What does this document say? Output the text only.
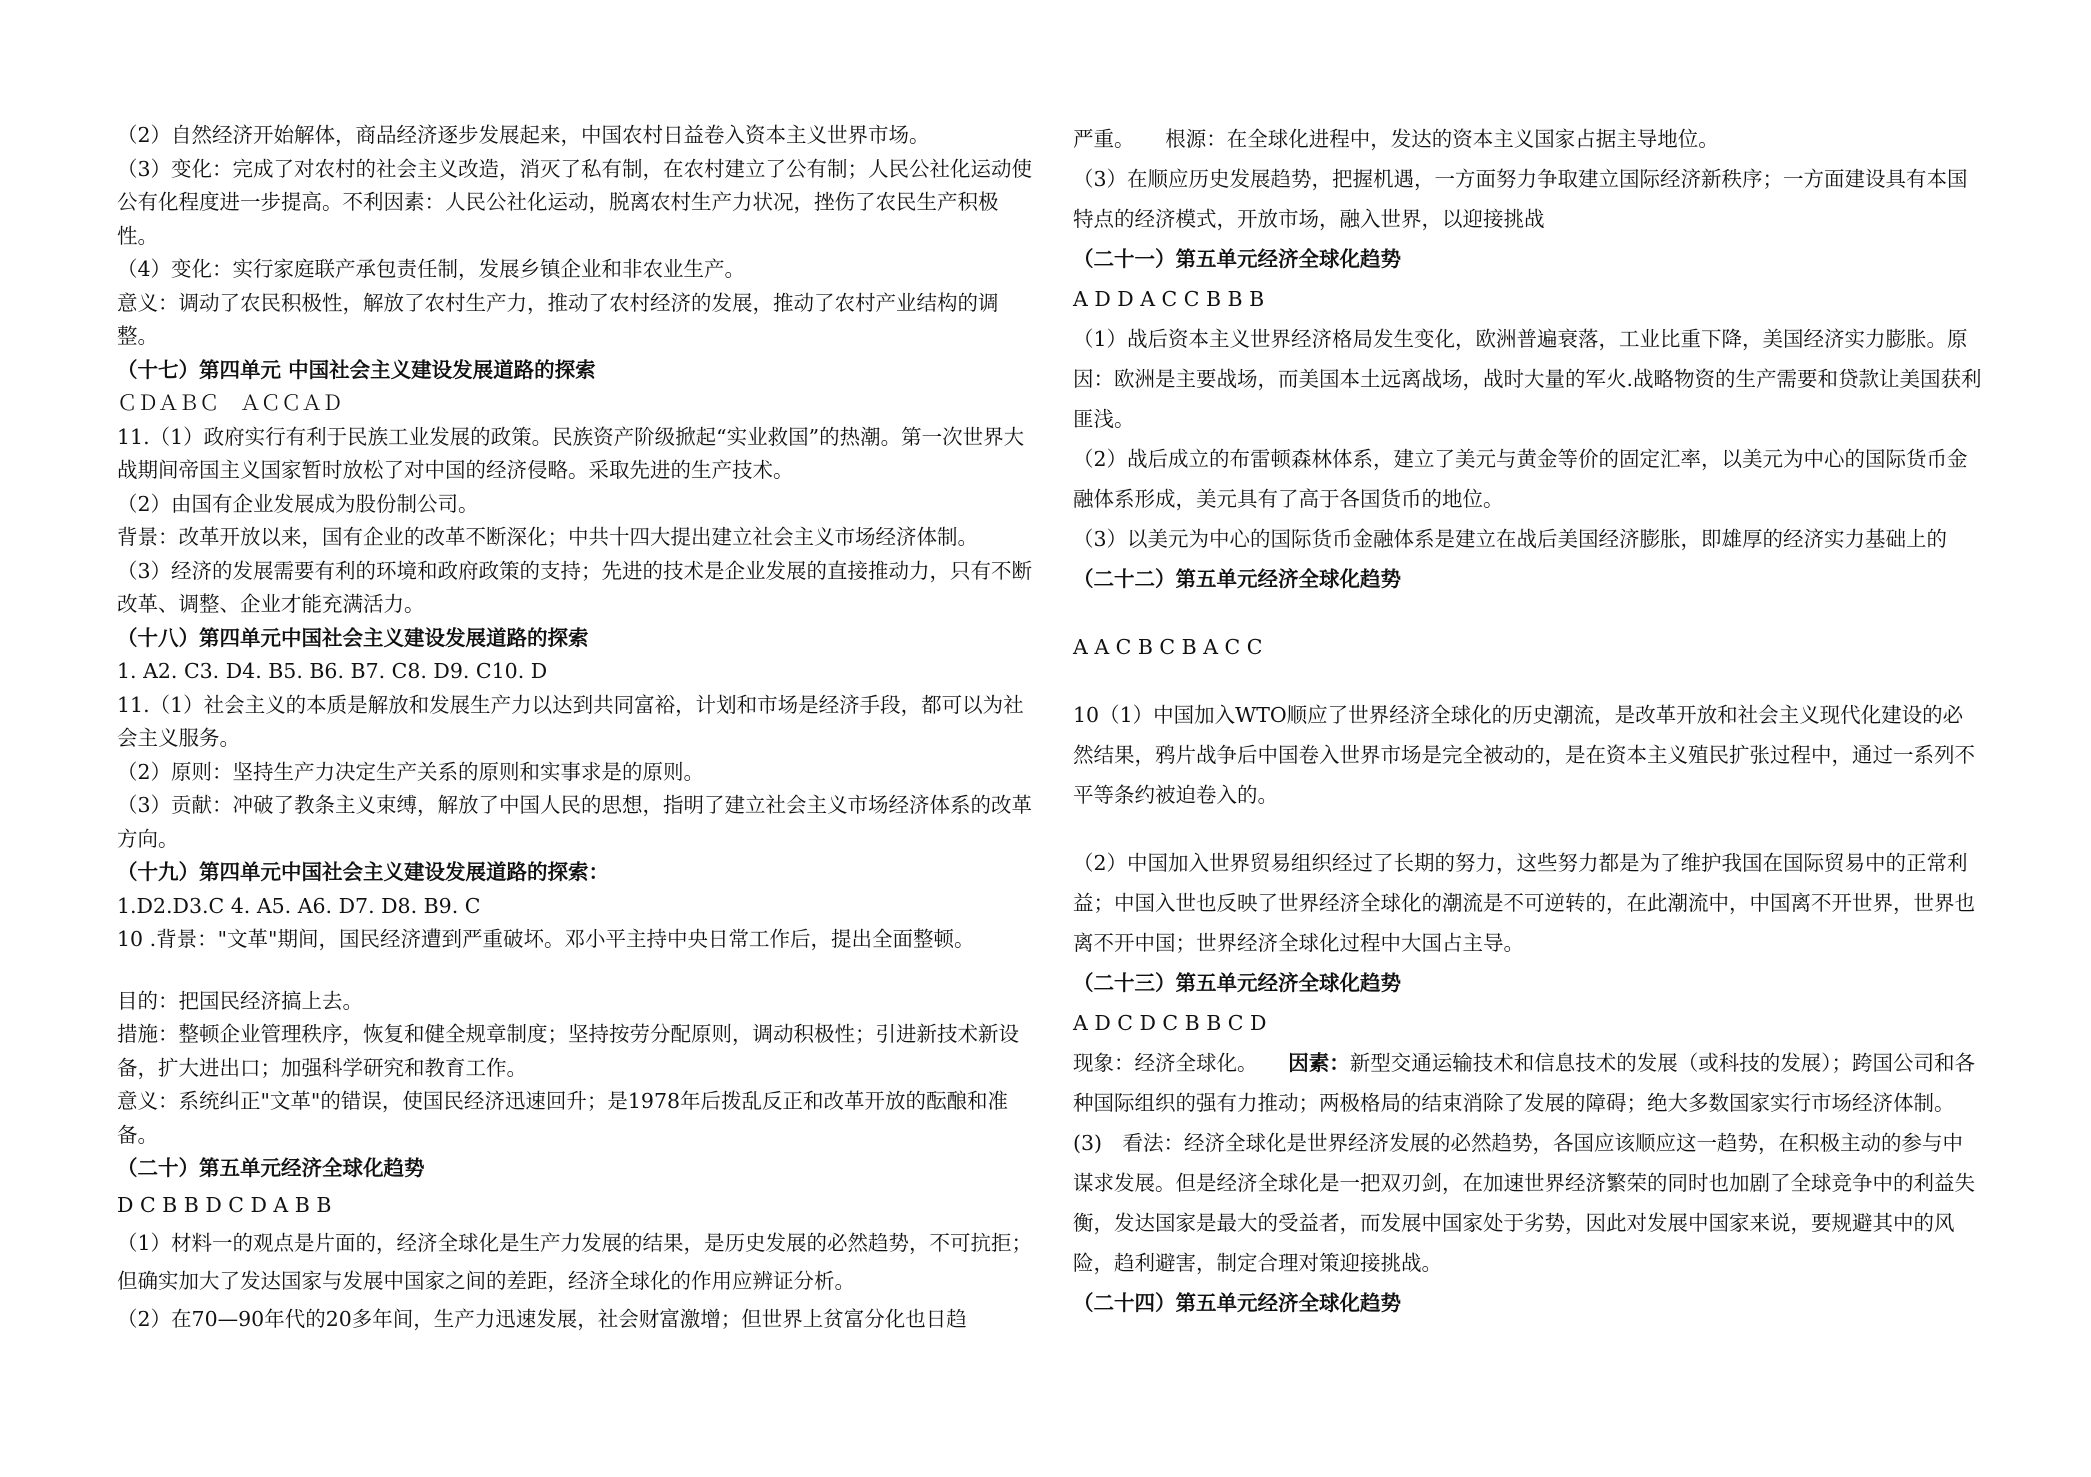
（2）自然经济开始解体，商品经济逐步发展起来，中国农村日益卷入资本主义世界市场。
（3）变化：完成了对农村的社会主义改造，消灭了私有制，在农村建立了公有制；人民公社化运动使公有化程度进一步提高。不利因素：人民公社化运动，脱离农村生产力状况，挫伤了农民生产积极性。
（4）变化：实行家庭联产承包责任制，发展乡镇企业和非农业生产。
意义：调动了农民积极性，解放了农村生产力，推动了农村经济的发展，推动了农村产业结构的调整。
（十七）第四单元 中国社会主义建设发展道路的探索
ＣＤＡＢＣ　ＡＣＣＡＤ
11.（1）政府实行有利于民族工业发展的政策。民族资产阶级掀起“实业救国”的热潮。第一次世界大战期间帝国主义国家暂时放松了对中国的经济侵略。采取先进的生产技术。
（2）由国有企业发展成为股份制公司。
背景：改革开放以来，国有企业的改革不断深化；中共十四大提出建立社会主义市场经济体制。
（3）经济的发展需要有利的环境和政府政策的支持；先进的技术是企业发展的直接推动力，只有不断改革、调整、企业才能充满活力。
（十八）第四单元中国社会主义建设发展道路的探索
1. A2. C3. D4. B5. B6. B7. C8. D9. C10. D
11.（1）社会主义的本质是解放和发展生产力以达到共同富裕，计划和市场是经济手段，都可以为社会主义服务。
（2）原则：坚持生产力决定生产关系的原则和实事求是的原则。
（3）贡献：冲破了教条主义束缚，解放了中国人民的思想，指明了建立社会主义市场经济体系的改革方向。
（十九）第四单元中国社会主义建设发展道路的探索：
1.D2.D3.C 4. A5. A6. D7. D8. B9. C
10 .背景："文革"期间，国民经济遭到严重破坏。邓小平主持中央日常工作后，提出全面整顿。
目的：把国民经济搞上去。
措施：整顿企业管理秩序，恢复和健全规章制度；坚持按劳分配原则，调动积极性；引进新技术新设备，扩大进出口；加强科学研究和教育工作。
意义：系统纠正"文革"的错误，使国民经济迅速回升；是1978年后拨乱反正和改革开放的酝酿和准备。
（二十）第五单元经济全球化趋势
D C B B D C D A B B
（1）材料一的观点是片面的，经济全球化是生产力发展的结果，是历史发展的必然趋势，不可抗拒；但确实加大了发达国家与发展中国家之间的差距，经济全球化的作用应辨证分析。
（2）在70—90年代的20多年间，生产力迅速发展，社会财富激增；但世界上贫富分化也日趋
严重。　　根源：在全球化进程中，发达的资本主义国家占据主导地位。
（3）在顺应历史发展趋势，把握机遇，一方面努力争取建立国际经济新秩序；一方面建设具有本国特点的经济模式，开放市场，融入世界，以迎接挑战
（二十一）第五单元经济全球化趋势
A D D A C C B B B
（1）战后资本主义世界经济格局发生变化，欧洲普遍衰落，工业比重下降，美国经济实力膨胀。原因：欧洲是主要战场，而美国本土远离战场，战时大量的军火.战略物资的生产需要和贷款让美国获利匪浅。
（2）战后成立的布雷顿森林体系，建立了美元与黄金等价的固定汇率，以美元为中心的国际货币金融体系形成，美元具有了高于各国货币的地位。
（3）以美元为中心的国际货币金融体系是建立在战后美国经济膨胀，即雄厚的经济实力基础上的
（二十二）第五单元经济全球化趋势
A A C B C B A C C
10（1）中国加入WTO顺应了世界经济全球化的历史潮流，是改革开放和社会主义现代化建设的必然结果，鸦片战争后中国卷入世界市场是完全被动的，是在资本主义殖民扩张过程中，通过一系列不平等条约被迫卷入的。
（2）中国加入世界贸易组织经过了长期的努力，这些努力都是为了维护我国在国际贸易中的正常利益；中国入世也反映了世界经济全球化的潮流是不可逆转的，在此潮流中，中国离不开世界，世界也离不开中国；世界经济全球化过程中大国占主导。
（二十三）第五单元经济全球化趋势
A D C D C B B C D
现象：经济全球化。　　因素：新型交通运输技术和信息技术的发展（或科技的发展）；跨国公司和各种国际组织的强有力推动；两极格局的结束消除了发展的障碍；绝大多数国家实行市场经济体制。(3)　看法：经济全球化是世界经济发展的必然趋势，各国应该顺应这一趋势，在积极主动的参与中谋求发展。但是经济全球化是一把双刃剑，在加速世界经济繁荣的同时也加剧了全球竞争中的利益失衡，发达国家是最大的受益者，而发展中国家处于劣势，因此对发展中国家来说，要规避其中的风险，趋利避害，制定合理对策迎接挑战。
（二十四）第五单元经济全球化趋势
